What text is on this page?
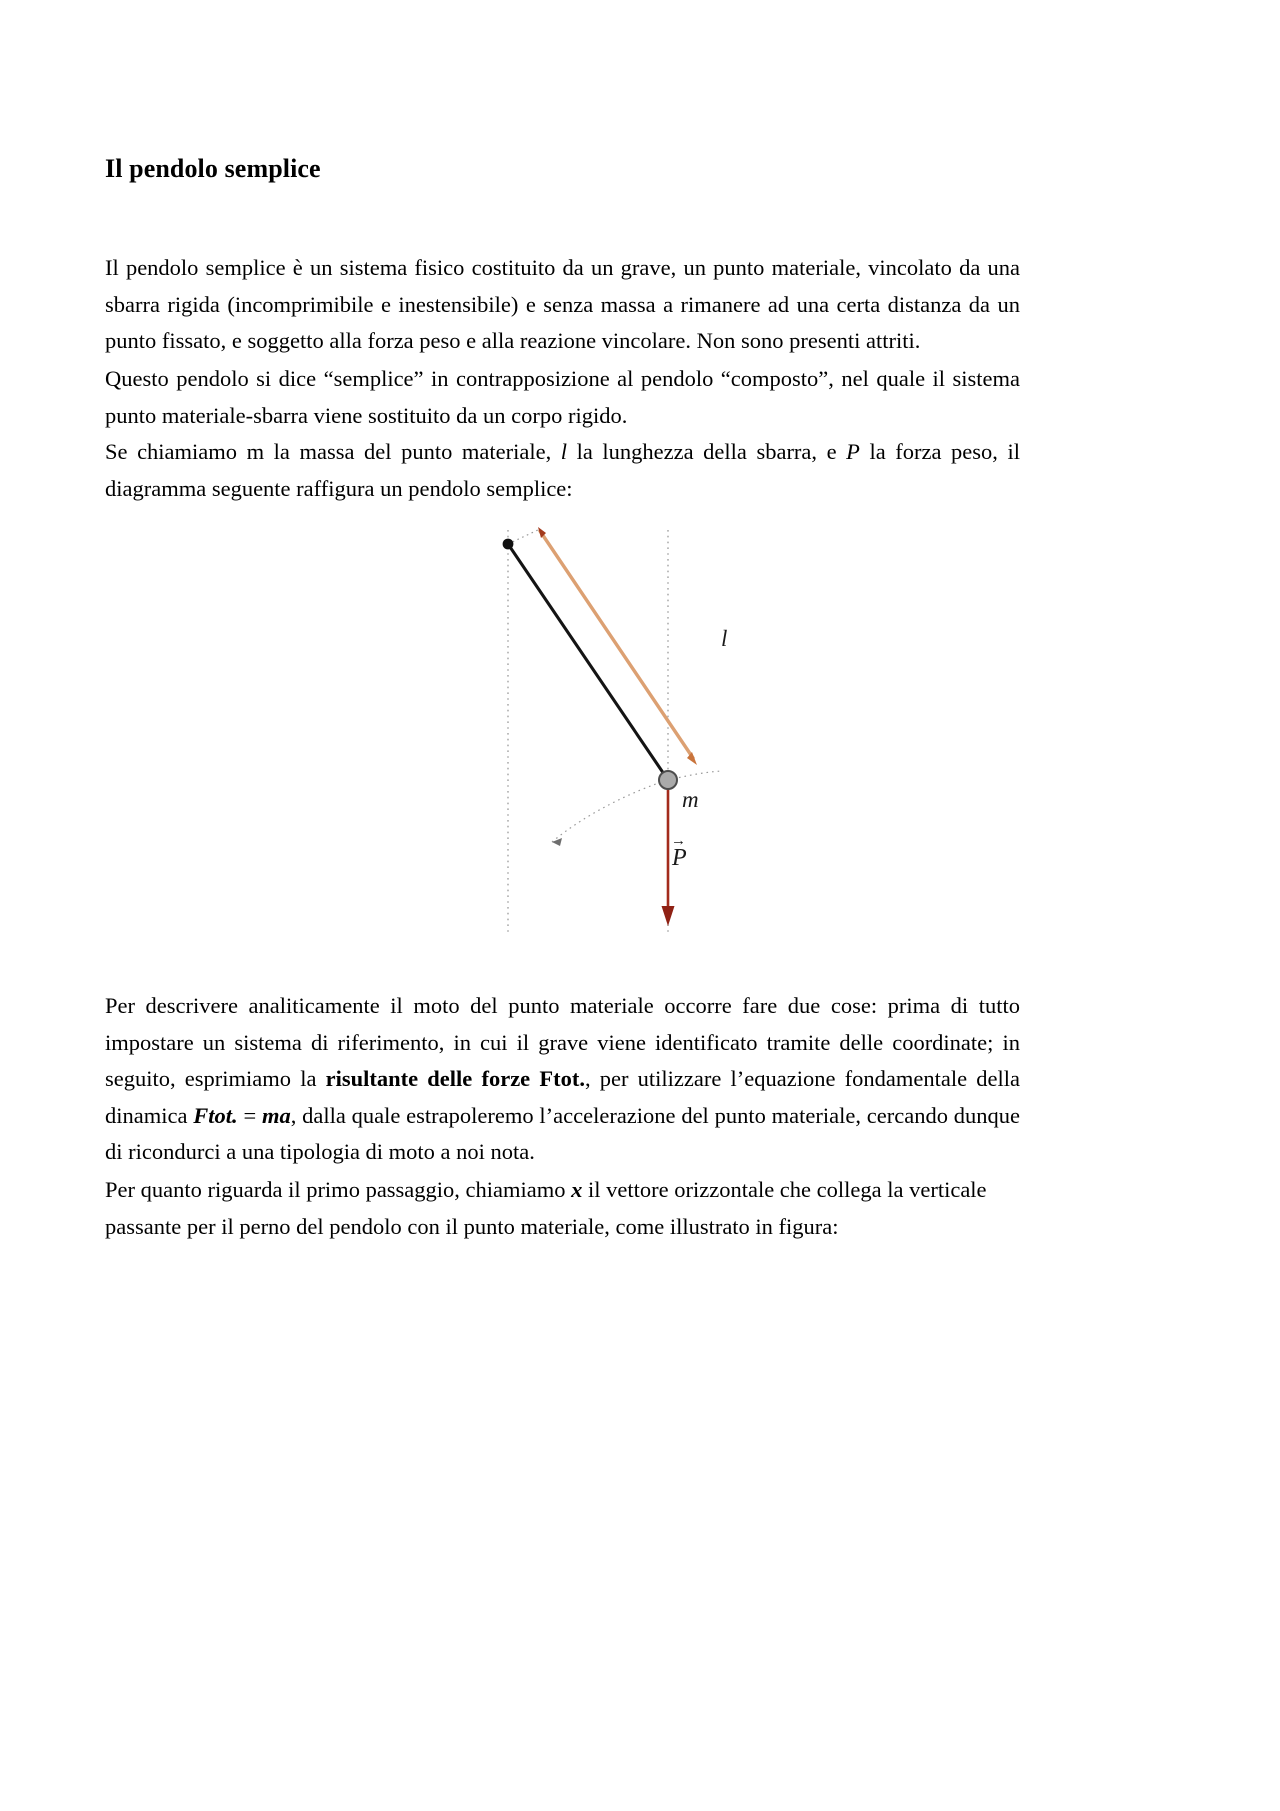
Il pendolo semplice

Il pendolo semplice è un sistema fisico costituito da un grave, un punto materiale, vincolato da una sbarra rigida (incomprimibile e inestensibile) e senza massa a rimanere ad una certa distanza da un punto fissato, e soggetto alla forza peso e alla reazione vincolare. Non sono presenti attriti.

Questo pendolo si dice “semplice” in contrapposizione al pendolo “composto”, nel quale il sistema punto materiale-sbarra viene sostituito da un corpo rigido.

Se chiamiamo m la massa del punto materiale, l la lunghezza della sbarra, e P la forza peso, il diagramma seguente raffigura un pendolo semplice:

l
m
→
P

Per descrivere analiticamente il moto del punto materiale occorre fare due cose: prima di tutto impostare un sistema di riferimento, in cui il grave viene identificato tramite delle coordinate; in seguito, esprimiamo la risultante delle forze Ftot., per utilizzare l’equazione fondamentale della dinamica Ftot. = ma, dalla quale estrapoleremo l’accelerazione del punto materiale, cercando dunque di ricondurci a una tipologia di moto a noi nota.

Per quanto riguarda il primo passaggio, chiamiamo x il vettore orizzontale che collega la verticale passante per il perno del pendolo con il punto materiale, come illustrato in figura:
